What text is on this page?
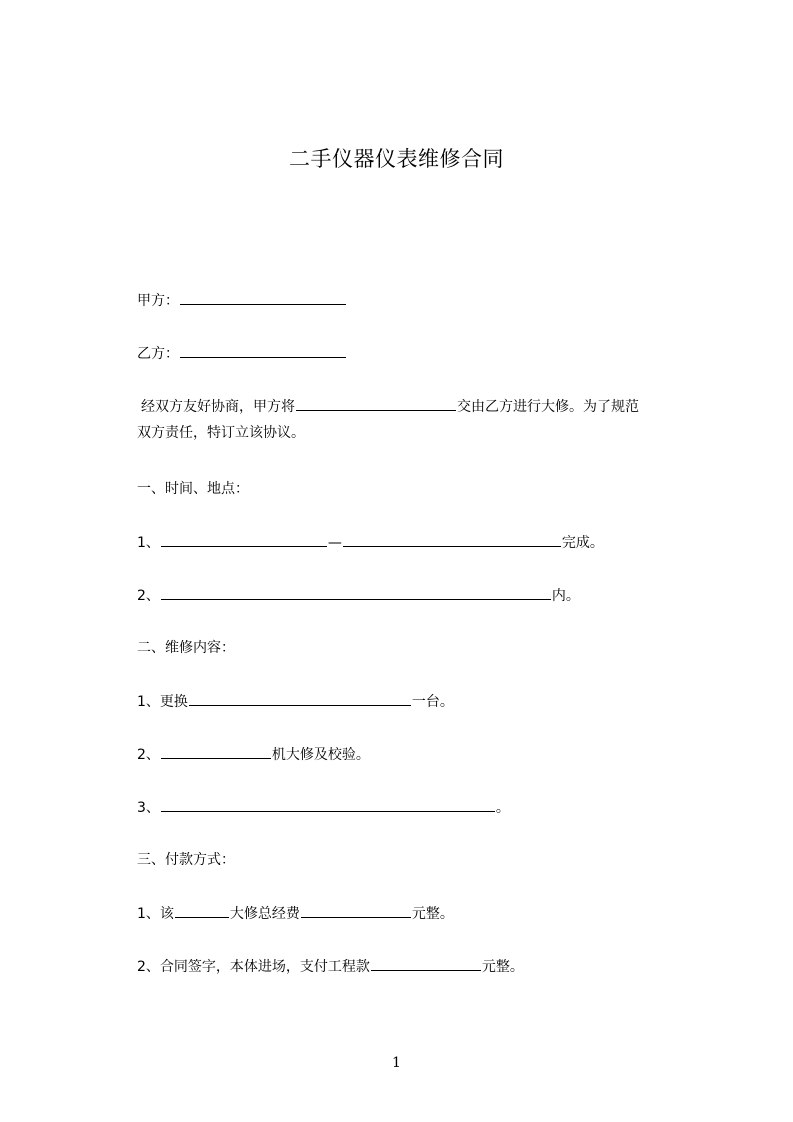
二手仪器仪表维修合同
甲方：
乙方：
经双方友好协商，甲方将	交由乙方进行大修。为了规范
双方责任，特订立该协议。
一、时间、地点：
1、	—	完成。
2、	内。
二、维修内容：
1、更换	一台。
2、	机大修及校验。
3、	。
三、付款方式：
1、该	大修总经费	元整。
2、合同签字，本体进场，支付工程款	元整。
1
